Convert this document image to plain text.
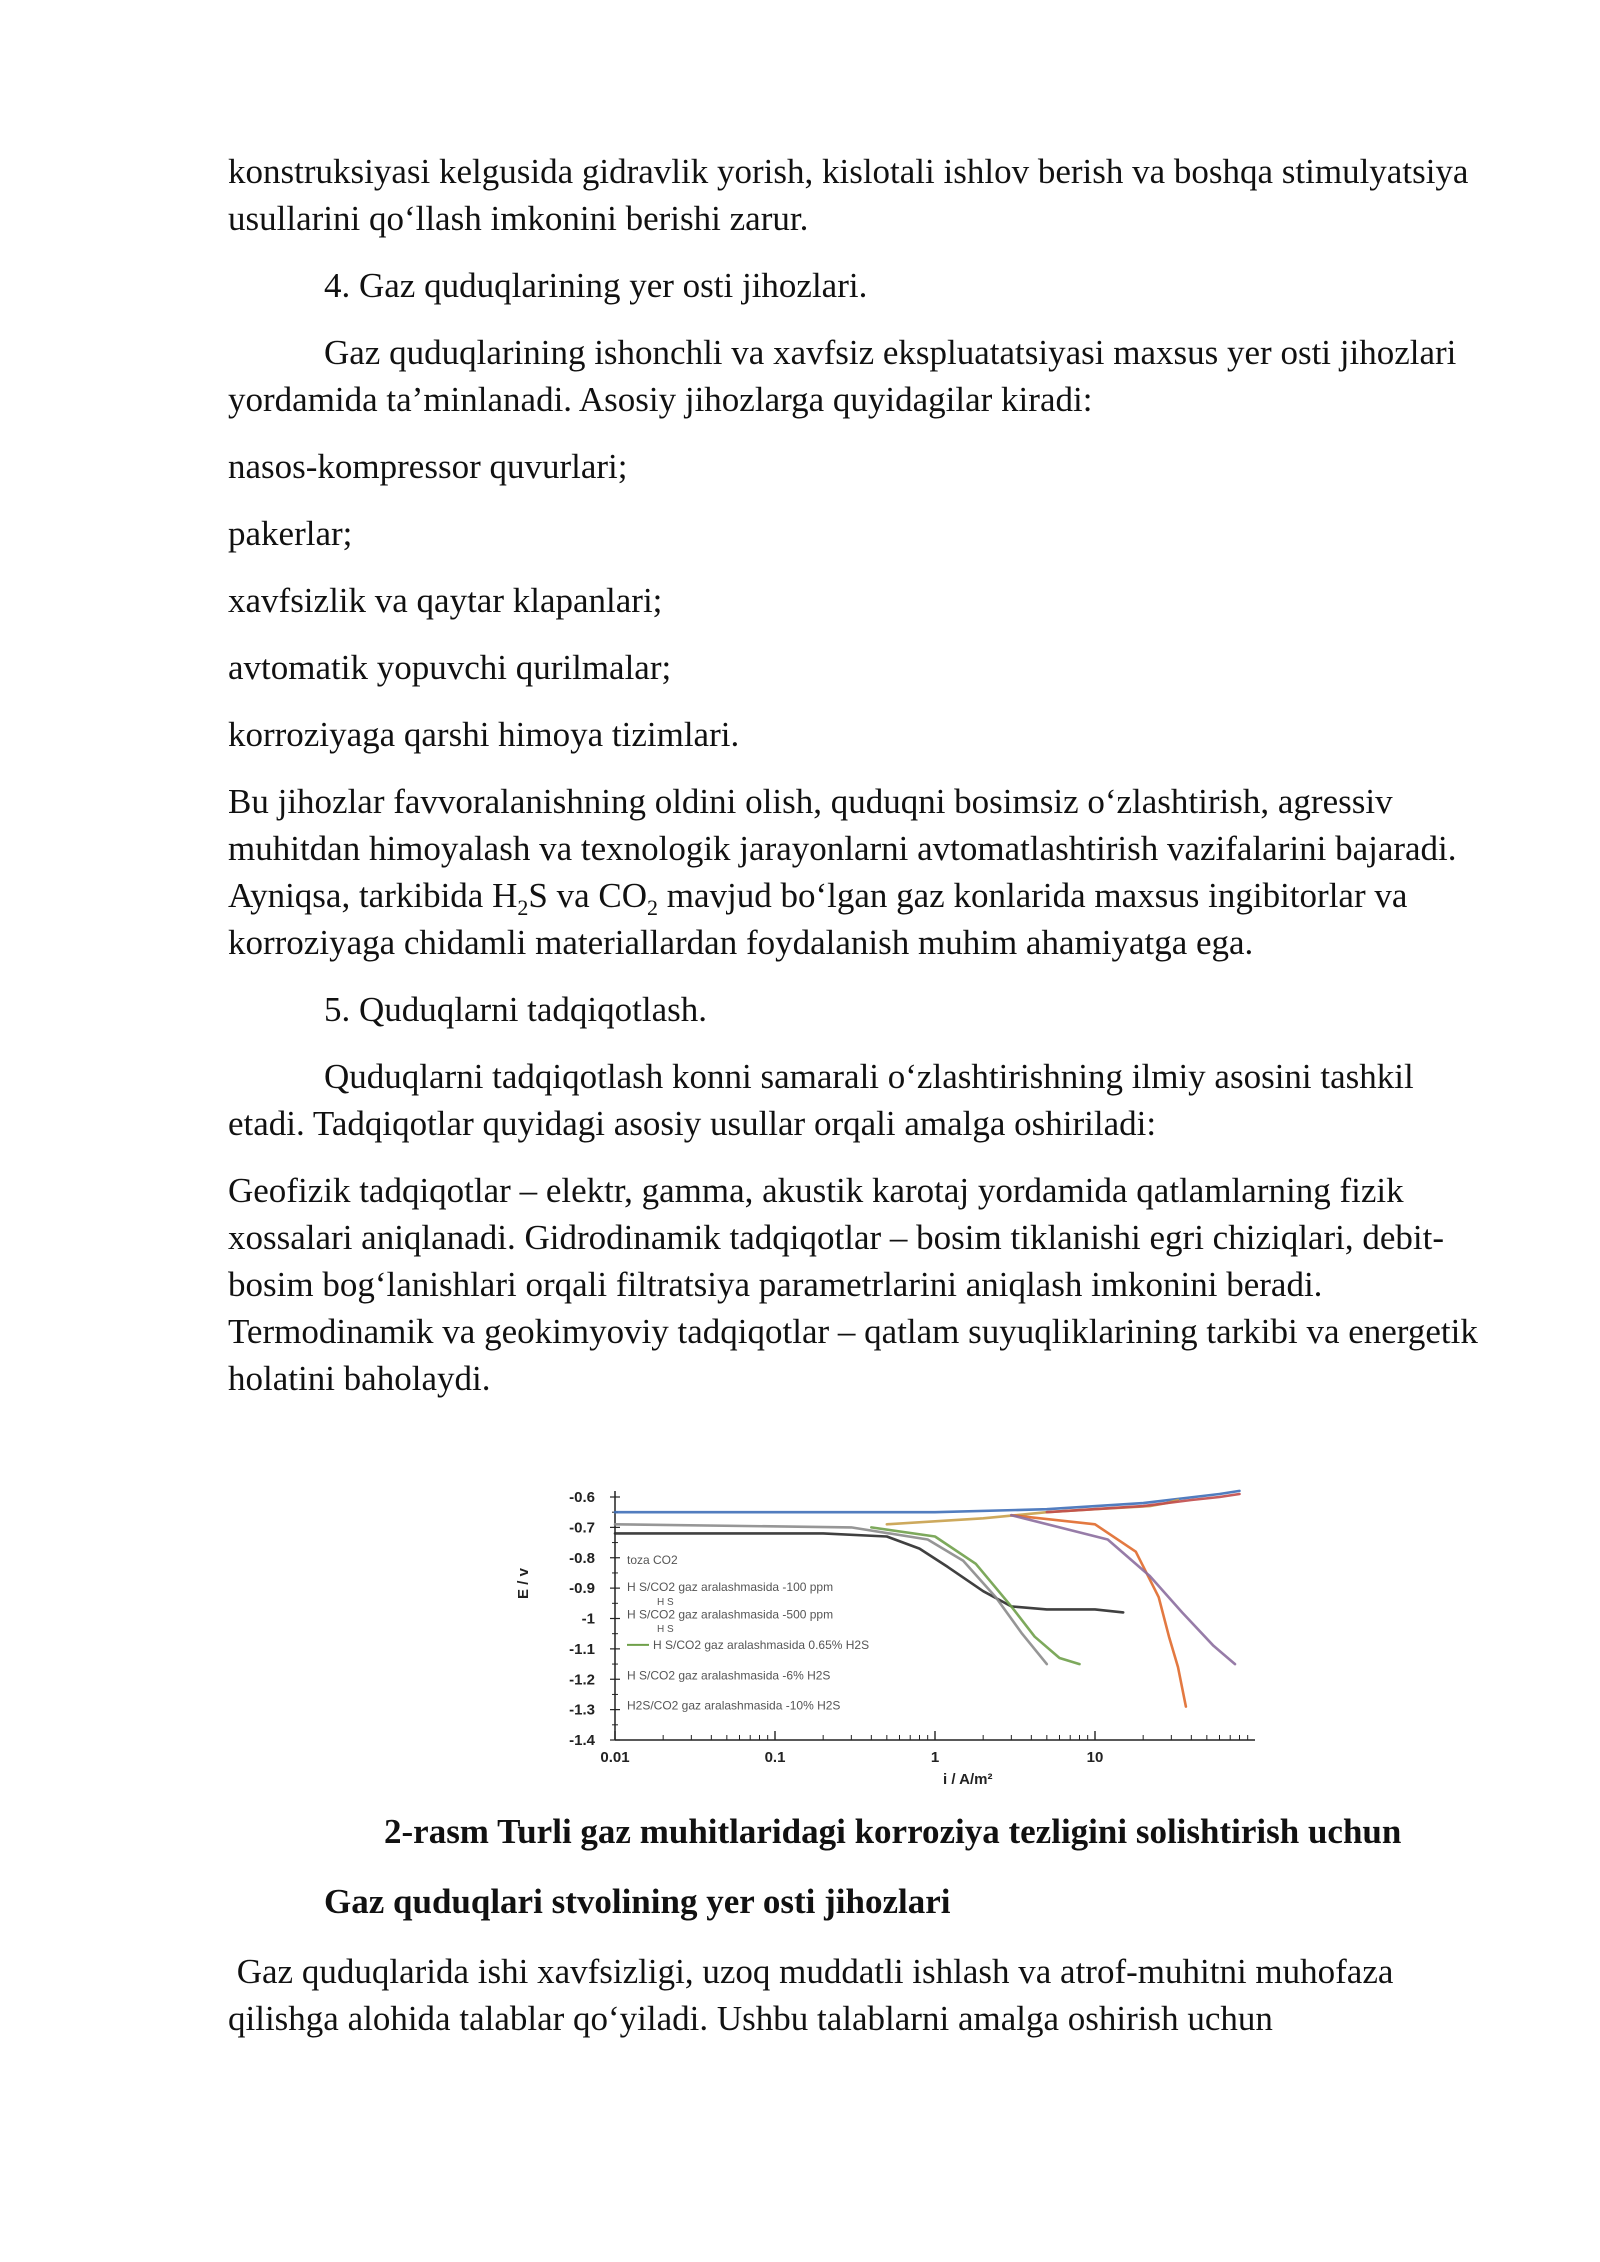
konstruksiyasi kelgusida gidravlik yorish, kislotali ishlov berish va boshqa stimulyatsiya usullarini qo‘llash imkonini berishi zarur.

4. Gaz quduqlarining yer osti jihozlari.

Gaz quduqlarining ishonchli va xavfsiz ekspluatatsiyasi maxsus yer osti jihozlari yordamida ta’minlanadi. Asosiy jihozlarga quyidagilar kiradi:

nasos-kompressor quvurlari;

pakerlar;

xavfsizlik va qaytar klapanlari;

avtomatik yopuvchi qurilmalar;

korroziyaga qarshi himoya tizimlari.

Bu jihozlar favvoralanishning oldini olish, quduqni bosimsiz o‘zlashtirish, agressiv muhitdan himoyalash va texnologik jarayonlarni avtomatlashtirish vazifalarini bajaradi. Ayniqsa, tarkibida $H_2S$ va $CO_2$ mavjud bo‘lgan gaz konlarida maxsus ingibitorlar va korroziyaga chidamli materiallardan foydalanish muhim ahamiyatga ega.

5. Quduqlarni tadqiqotlash.

Quduqlarni tadqiqotlash konni samarali o‘zlashtirishning ilmiy asosini tashkil etadi. Tadqiqotlar quyidagi asosiy usullar orqali amalga oshiriladi:

Geofizik tadqiqotlar – elektr, gamma, akustik karotaj yordamida qatlamlarning fizik xossalari aniqlanadi. Gidrodinamik tadqiqotlar – bosim tiklanishi egri chiziqlari, debit-bosim bog‘lanishlari orqali filtratsiya parametrlarini aniqlash imkonini beradi. Termodinamik va geokimyoviy tadqiqotlar – qatlam suyuqliklarining tarkibi va energetik holatini baholaydi.

toza CO2
H S/CO2 gaz aralashmasida -100 ppm
H S
H S/CO2 gaz aralashmasida -500 ppm
H S
H S/CO2 gaz aralashmasida 0.65% H2S
H S/CO2 gaz aralashmasida -6% H2S
H2S/CO2 gaz aralashmasida -10% H2S
-0.6
-0.7
-0.8
-0.9
-1
-1.1
-1.2
-1.3
-1.4
0.01	0.1	1	10
E / v
i / A/m²
2-rasm Turli gaz muhitlaridagi korroziya tezligini solishtirish uchun
Gaz quduqlari stvolining yer osti jihozlari
Gaz quduqlarida ishi xavfsizligi, uzoq muddatli ishlash va atrof-muhitni muhofaza qilishga alohida talablar qo‘yiladi. Ushbu talablarni amalga oshirish uchun
